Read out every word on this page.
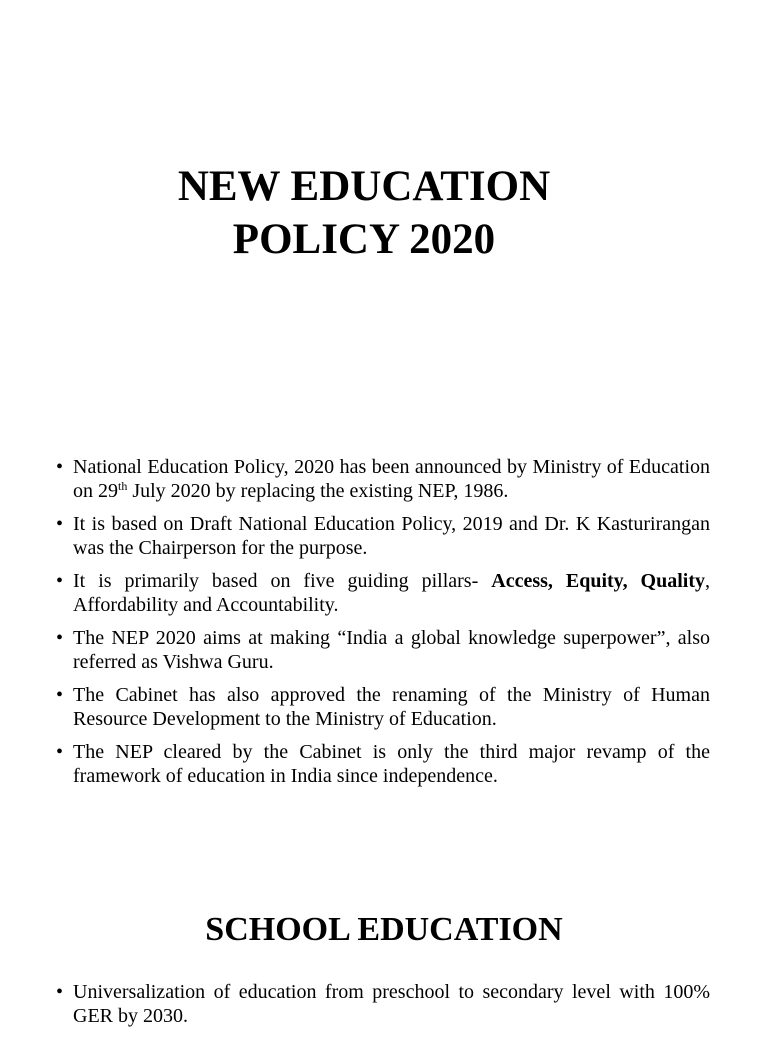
NEW EDUCATION
POLICY 2020
• National Education Policy, 2020 has been announced by Ministry of Education on 29th July 2020 by replacing the existing NEP, 1986.
• It is based on Draft National Education Policy, 2019 and Dr. K Kasturirangan was the Chairperson for the purpose.
• It is primarily based on five guiding pillars- Access, Equity, Quality, Affordability and Accountability.
• The NEP 2020 aims at making “India a global knowledge superpower”, also referred as Vishwa Guru.
• The Cabinet has also approved the renaming of the Ministry of Human Resource Development to the Ministry of Education.
• The NEP cleared by the Cabinet is only the third major revamp of the framework of education in India since independence.
SCHOOL EDUCATION
• Universalization of education from preschool to secondary level with 100% GER by 2030.
